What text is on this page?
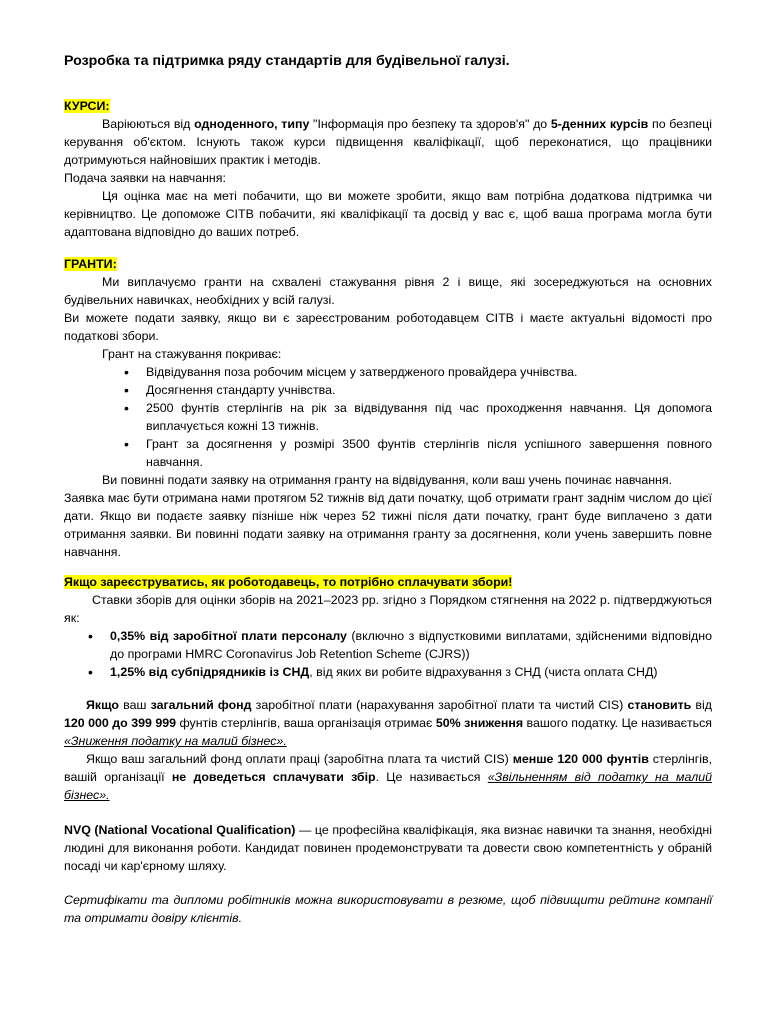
Розробка та підтримка ряду стандартів для будівельної галузі.
КУРСИ:

Варіюються від одноденного, типу "Інформація про безпеку та здоров'я" до 5-денних курсів по безпеці керування об'єктом. Існують також курси підвищення кваліфікації, щоб переконатися, що працівники дотримуються найновіших практик і методів.

Подача заявки на навчання:

Ця оцінка має на меті побачити, що ви можете зробити, якщо вам потрібна додаткова підтримка чи керівництво. Це допоможе CITB побачити, які кваліфікації та досвід у вас є, щоб ваша програма могла бути адаптована відповідно до ваших потреб.

ГРАНТИ:

Ми виплачуємо гранти на схвалені стажування рівня 2 і вище, які зосереджуються на основних будівельних навичках, необхідних у всій галузі.

Ви можете подати заявку, якщо ви є зареєстрованим роботодавцем CITB і маєте актуальні відомості про податкові збори.

Грант на стажування покриває:

• Відвідування поза робочим місцем у затвердженого провайдера учнівства.
• Досягнення стандарту учнівства.
• 2500 фунтів стерлінгів на рік за відвідування під час проходження навчання. Ця допомога виплачується кожні 13 тижнів.
• Грант за досягнення у розмірі 3500 фунтів стерлінгів після успішного завершення повного навчання.

Ви повинні подати заявку на отримання гранту на відвідування, коли ваш учень починає навчання.

Заявка має бути отримана нами протягом 52 тижнів від дати початку, щоб отримати грант заднім числом до цієї дати. Якщо ви подаєте заявку пізніше ніж через 52 тижні після дати початку, грант буде виплачено з дати отримання заявки. Ви повинні подати заявку на отримання гранту за досягнення, коли учень завершить повне навчання.

Якщо зареєструватись, як роботодавець, то потрібно сплачувати збори!

Ставки зборів для оцінки зборів на 2021–2023 рр. згідно з Порядком стягнення на 2022 р. підтверджуються як:

• 0,35% від заробітної плати персоналу (включно з відпустковими виплатами, здійсненими відповідно до програми HMRC Coronavirus Job Retention Scheme (CJRS))
• 1,25% від субпідрядників із СНД, від яких ви робите відрахування з СНД (чиста оплата СНД)

Якщо ваш загальний фонд заробітної плати (нарахування заробітної плати та чистий CIS) становить від 120 000 до 399 999 фунтів стерлінгів, ваша організація отримає 50% зниження вашого податку. Це називається «Зниження податку на малий бізнес».

Якщо ваш загальний фонд оплати праці (заробітна плата та чистий CIS) менше 120 000 фунтів стерлінгів, вашій організації не доведеться сплачувати збір. Це називається «Звільненням від податку на малий бізнес».

NVQ (National Vocational Qualification) — це професійна кваліфікація, яка визнає навички та знання, необхідні людині для виконання роботи. Кандидат повинен продемонструвати та довести свою компетентність у обраній посаді чи кар'єрному шляху.

Сертифікати та дипломи робітників можна використовувати в резюме, щоб підвищити рейтинг компанії та отримати довіру клієнтів.
